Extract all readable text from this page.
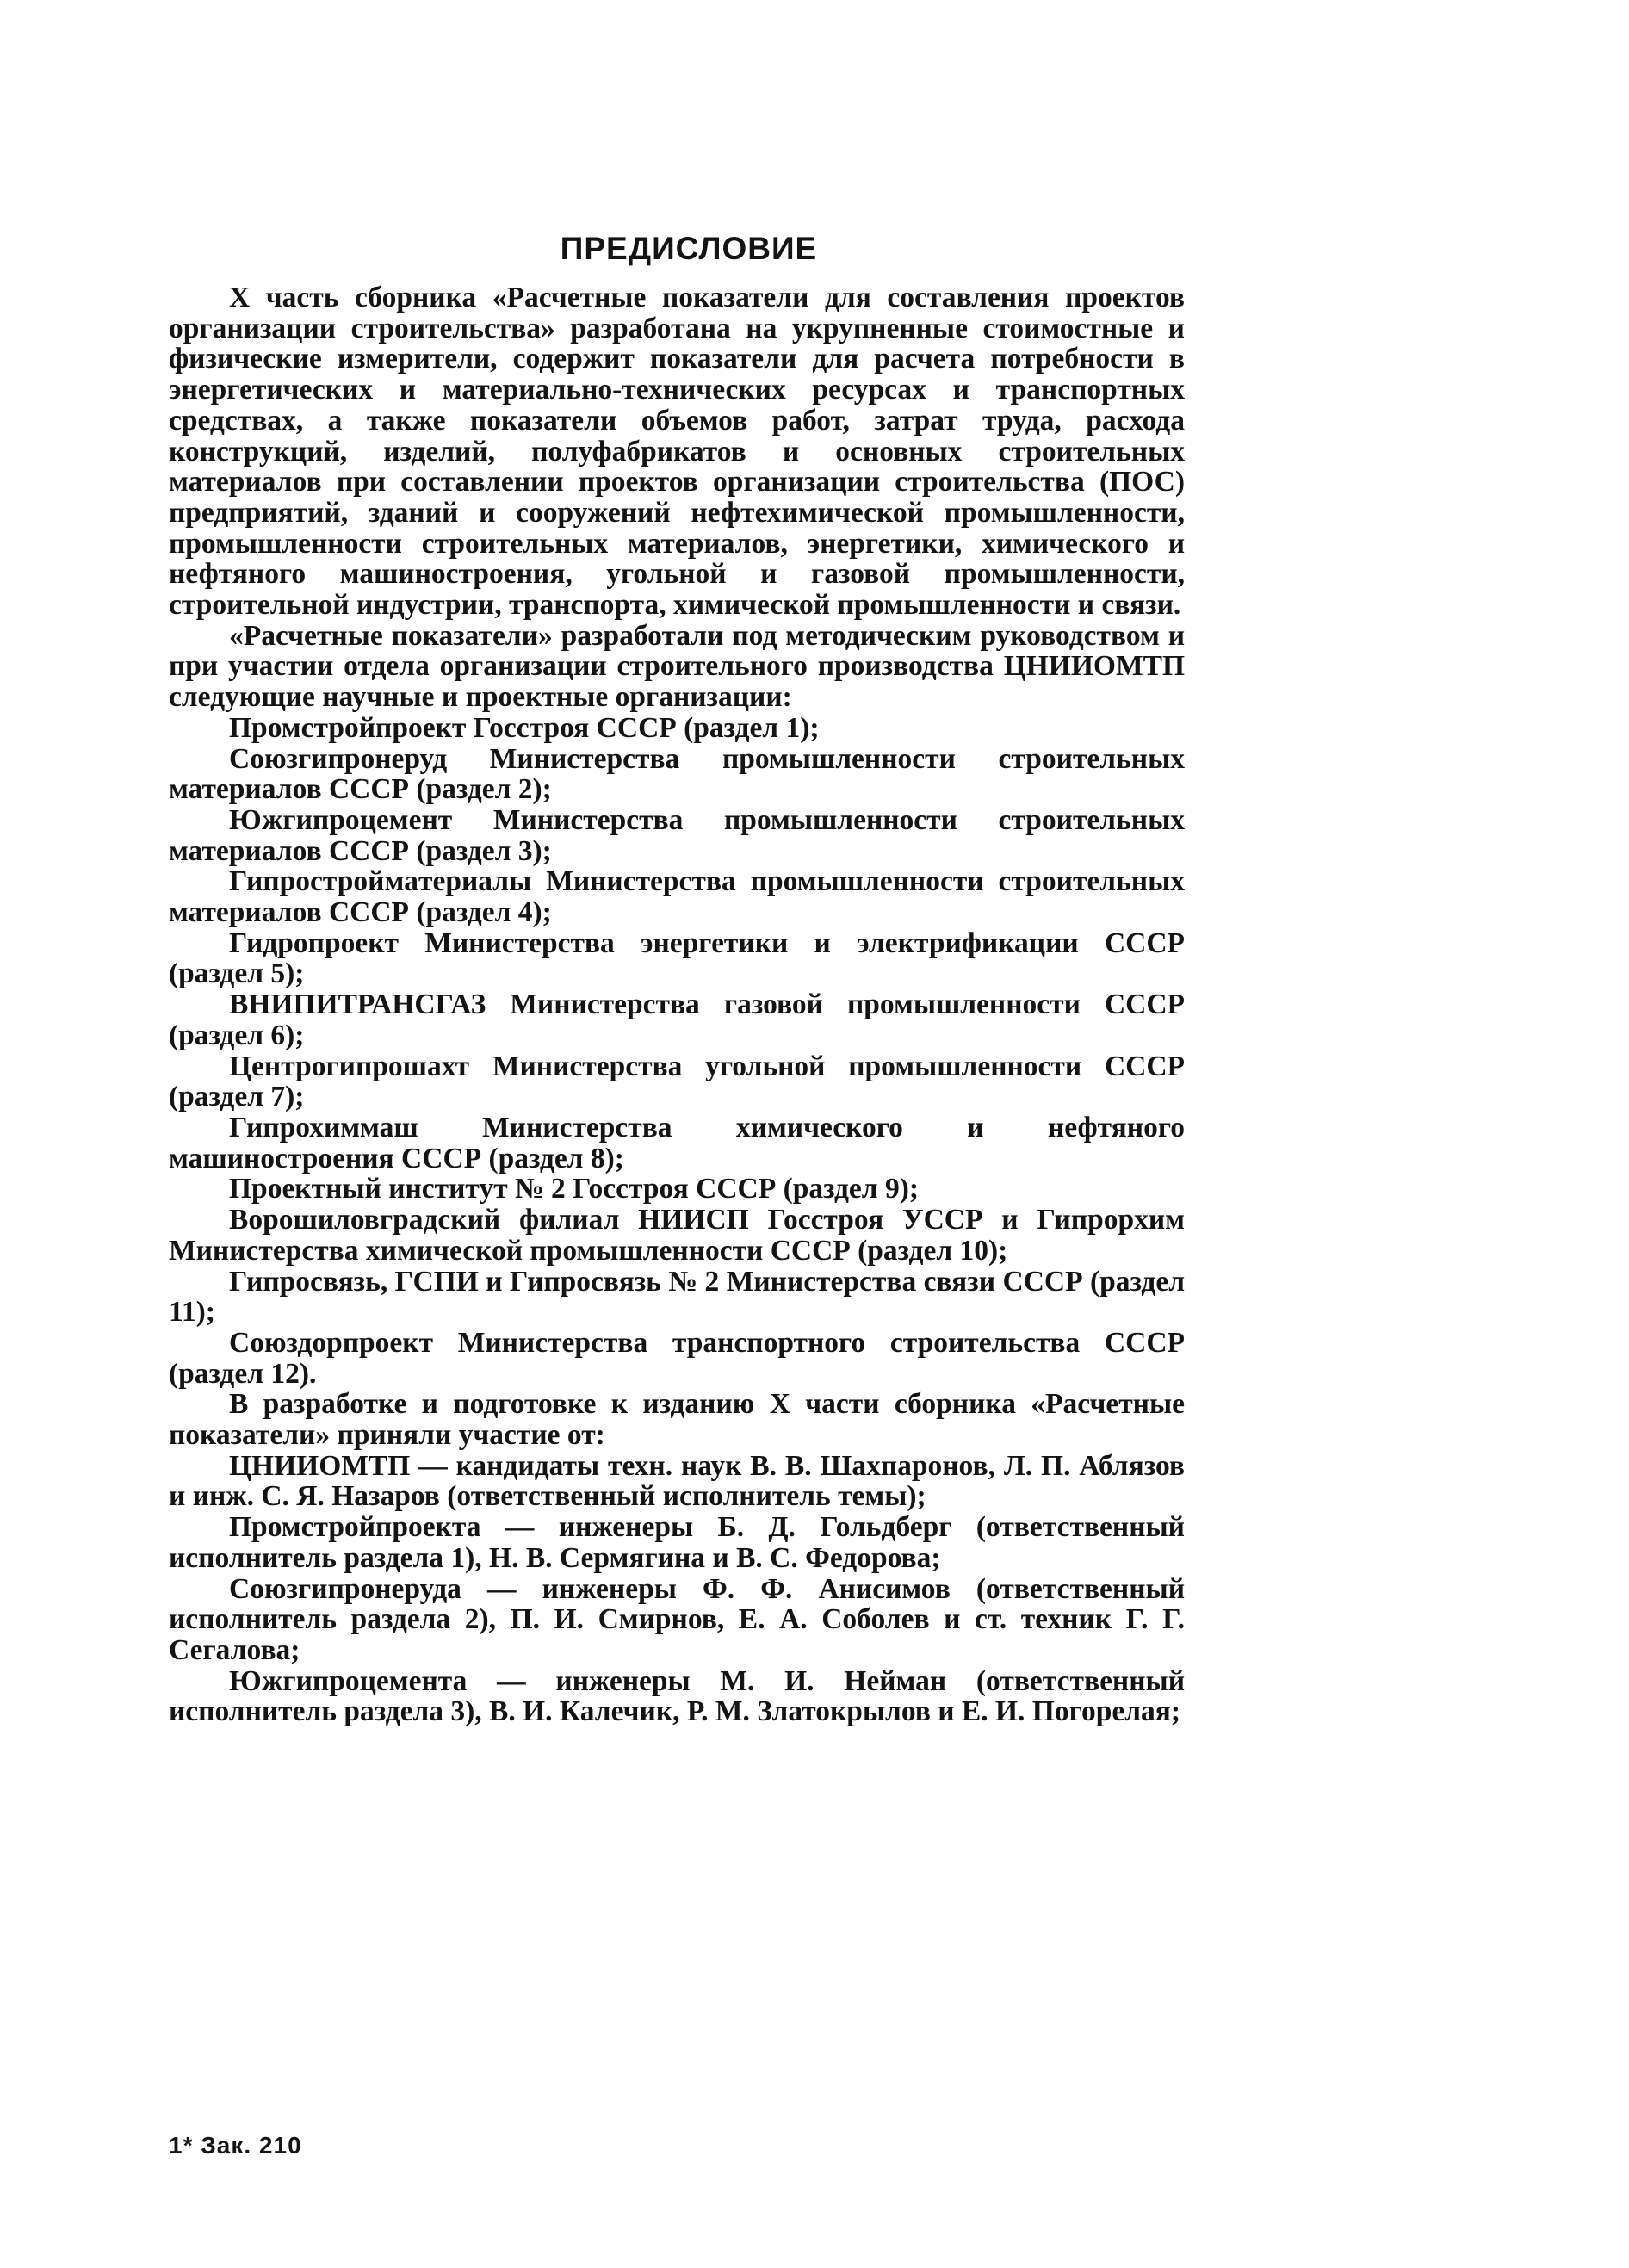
ПРЕДИСЛОВИЕ

X часть сборника «Расчетные показатели для составления проектов организации строительства» разработана на укрупненные стоимостные и физические измерители, содержит показатели для расчета потребности в энергетических и материально-технических ресурсах и транспортных средствах, а также показатели объемов работ, затрат труда, расхода конструкций, изделий, полуфабрикатов и основных строительных материалов при составлении проектов организации строительства (ПОС) предприятий, зданий и сооружений нефтехимической промышленности, промышленности строительных материалов, энергетики, химического и нефтяного машиностроения, угольной и газовой промышленности, строительной индустрии, транспорта, химической промышленности и связи.

«Расчетные показатели» разработали под методическим руководством и при участии отдела организации строительного производства ЦНИИОМТП следующие научные и проектные организации:

Промстройпроект Госстроя СССР (раздел 1);

Союзгипронеруд Министерства промышленности строительных материалов СССР (раздел 2);

Южгипроцемент Министерства промышленности строительных материалов СССР (раздел 3);

Гипростроймaтериалы Министерства промышленности строительных материалов СССР (раздел 4);

Гидропроект Министерства энергетики и электрификации СССР (раздел 5);

ВНИПИТРАНСГАЗ Министерства газовой промышленности СССР (раздел 6);

Центрогипрошахт Министерства угольной промышленности СССР (раздел 7);

Гипрохиммаш Министерства химического и нефтяного машиностроения СССР (раздел 8);

Проектный институт № 2 Госстроя СССР (раздел 9);

Ворошиловградский филиал НИИСП Госстроя УССР и Гипрорхим Министерства химической промышленности СССР (раздел 10);

Гипросвязь, ГСПИ и Гипросвязь № 2 Министерства связи СССР (раздел 11);

Союздорпроект Министерства транспортного строительства СССР (раздел 12).

В разработке и подготовке к изданию X части сборника «Расчетные показатели» приняли участие от:

ЦНИИОМТП — кандидаты техн. наук В. В. Шахпаронов, Л. П. Аблязов и инж. С. Я. Назаров (ответственный исполнитель темы);

Промстройпроекта — инженеры Б. Д. Гольдберг (ответственный исполнитель раздела 1), Н. В. Сермягина и В. С. Федорова;

Союзгипронеруда — инженеры Ф. Ф. Анисимов (ответственный исполнитель раздела 2), П. И. Смирнов, Е. А. Соболев и ст. техник Г. Г. Сегалова;

Южгипроцемента — инженеры М. И. Нейман (ответственный исполнитель раздела 3), В. И. Калечик, Р. М. Златокрылов и Е. И. Погорелая;

1* Зак. 210
